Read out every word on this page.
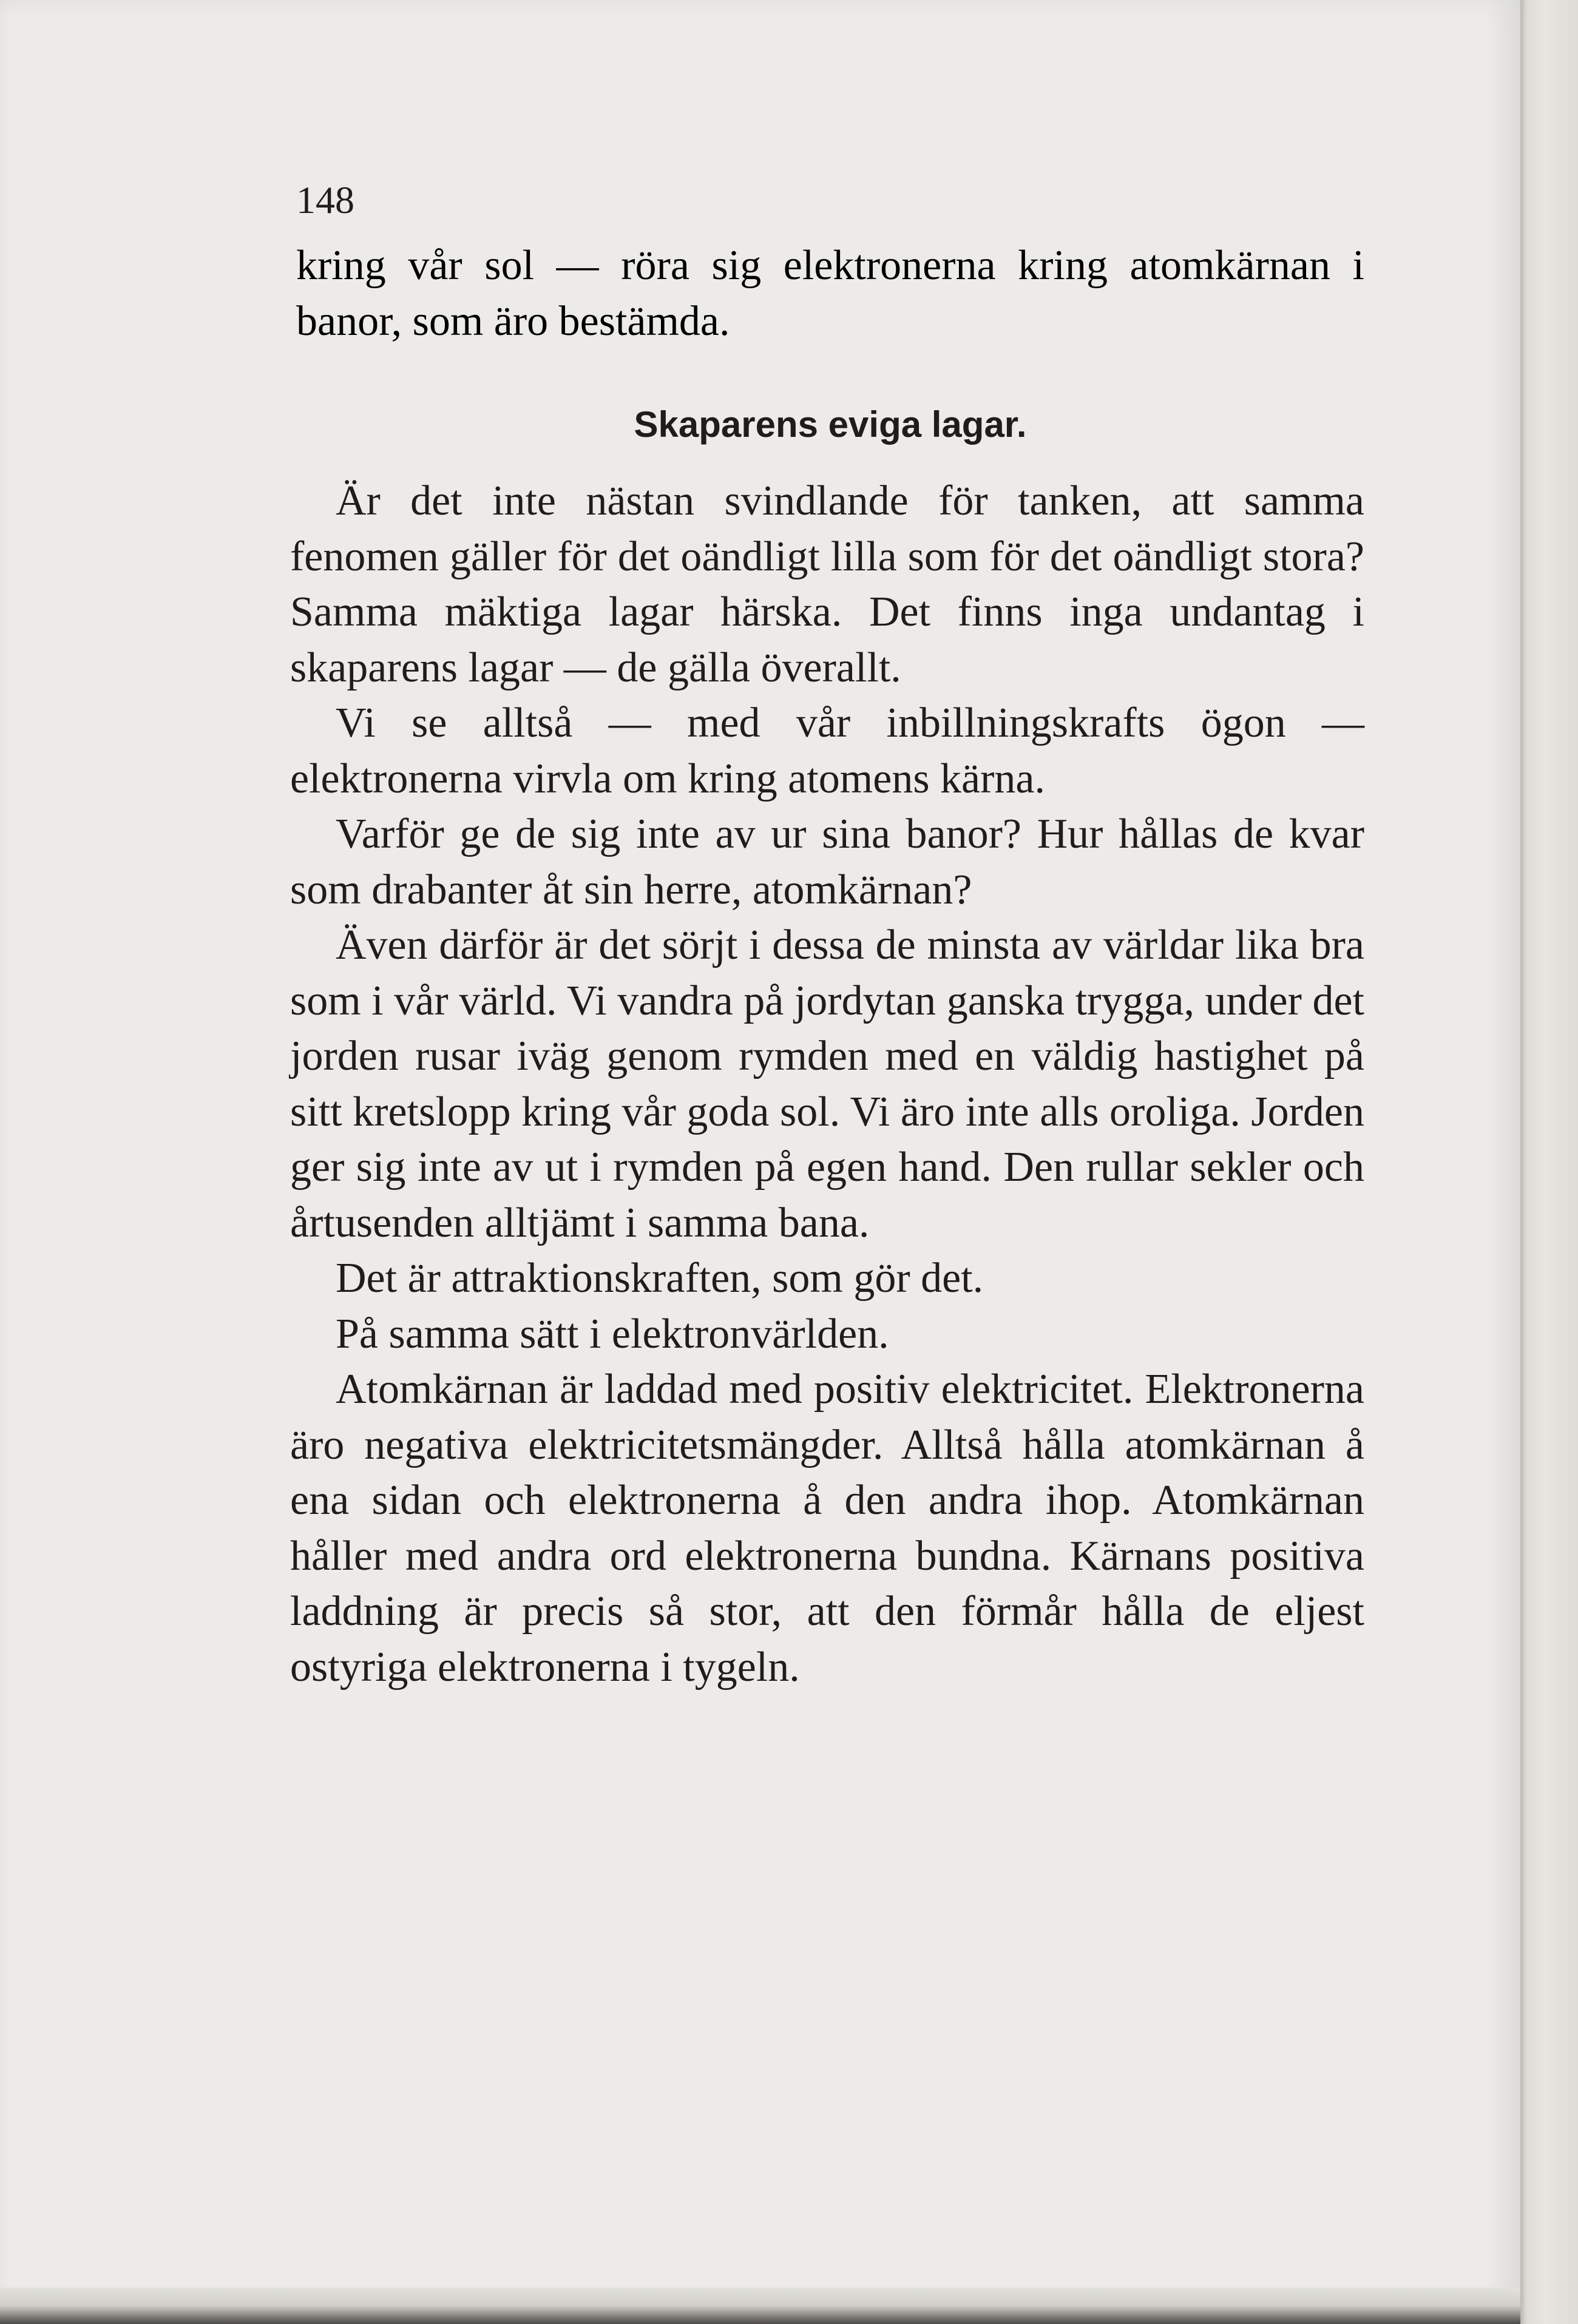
148

kring vår sol — röra sig elektronerna kring atomkärnan i banor, som äro bestämda.

Skaparens eviga lagar.

Är det inte nästan svindlande för tanken, att samma fenomen gäller för det oändligt lilla som för det oändligt stora? Samma mäktiga lagar härska. Det finns inga undantag i skaparens lagar — de gälla överallt.

Vi se alltså — med vår inbillningskrafts ögon — elektronerna virvla om kring atomens kärna.

Varför ge de sig inte av ur sina banor? Hur hållas de kvar som drabanter åt sin herre, atomkärnan?

Även därför är det sörjt i dessa de minsta av världar lika bra som i vår värld. Vi vandra på jordytan ganska trygga, under det jorden rusar iväg genom rymden med en väldig hastighet på sitt kretslopp kring vår goda sol. Vi äro inte alls oroliga. Jorden ger sig inte av ut i rymden på egen hand. Den rullar sekler och årtusenden alltjämt i samma bana.

Det är attraktionskraften, som gör det.

På samma sätt i elektronvärlden.

Atomkärnan är laddad med positiv elektricitet. Elektronerna äro negativa elektricitetsmängder. Alltså hålla atomkärnan å ena sidan och elektronerna å den andra ihop. Atomkärnan håller med andra ord elektronerna bundna. Kärnans positiva laddning är precis så stor, att den förmår hålla de eljest ostyriga elektronerna i tygeln.
